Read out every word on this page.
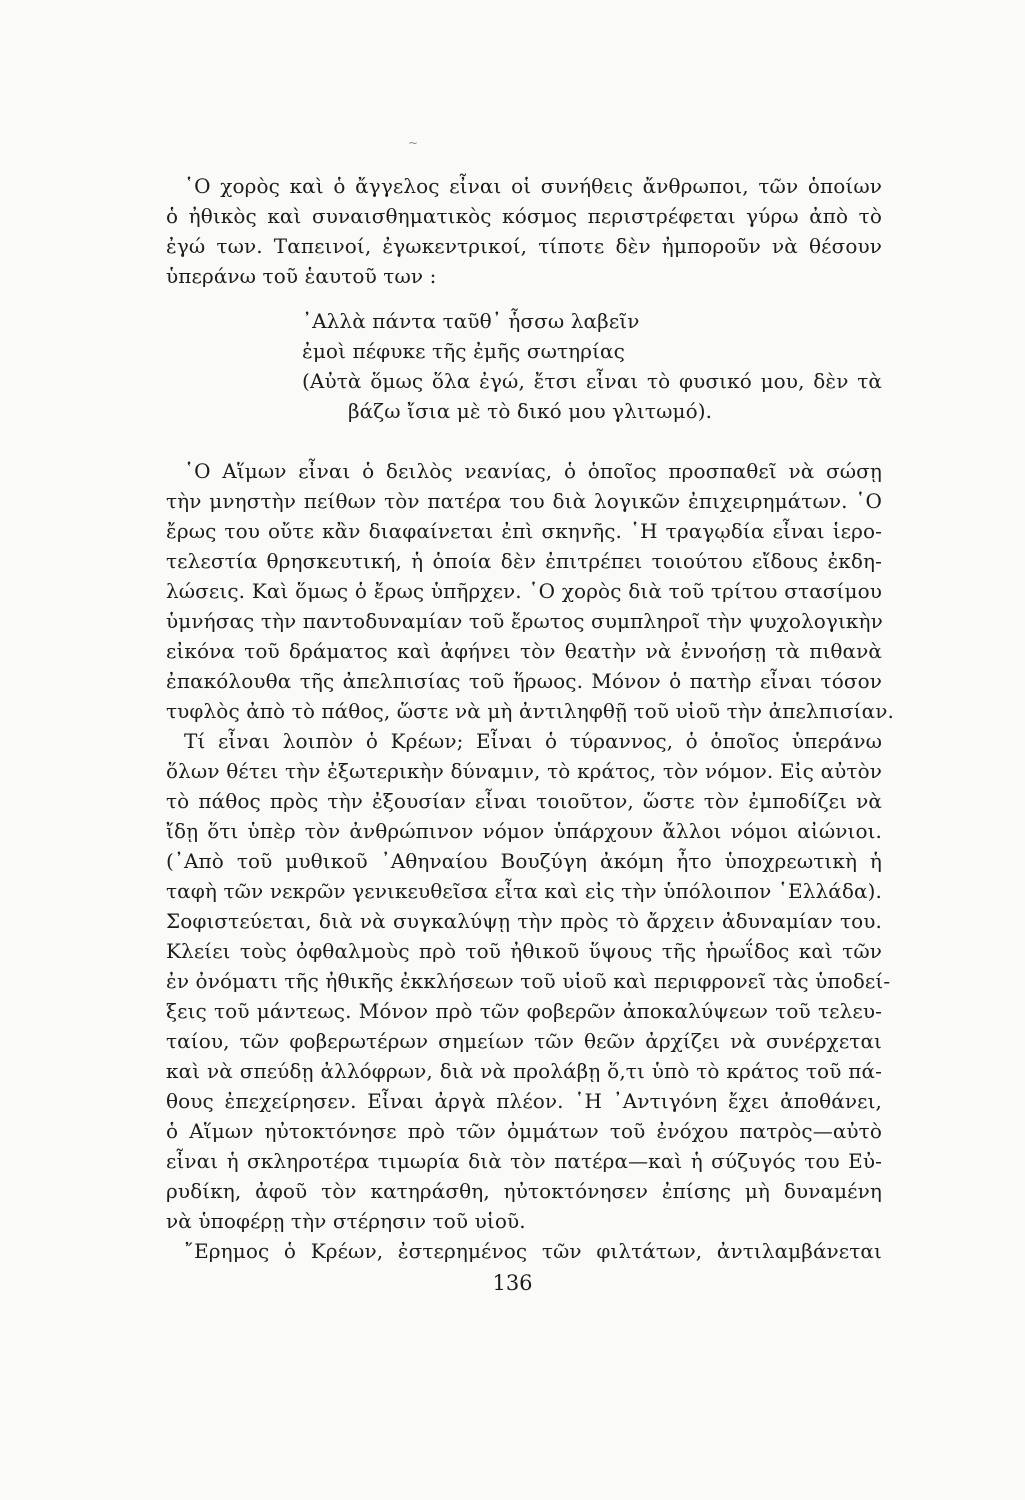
~
῾Ο χορὸς καὶ ὁ ἄγγελος εἶναι οἱ συνήθεις ἄνθρωποι, τῶν ὁποίων
ὁ ἠθικὸς καὶ συναισθηματικὸς κόσμος περιστρέφεται γύρω ἀπὸ τὸ
ἐγώ των. Ταπεινοί, ἐγωκεντρικοί, τίποτε δὲν ἠμποροῦν νὰ θέσουν
ὑπεράνω τοῦ ἑαυτοῦ των :
᾿Αλλὰ πάντα ταῦθ᾿ ἧσσω λαβεῖν
ἐμοὶ πέφυκε τῆς ἐμῆς σωτηρίας
(Αὐτὰ ὅμως ὅλα ἐγώ, ἔτσι εἶναι τὸ φυσικό μου, δὲν τὰ
βάζω ἴσια μὲ τὸ δικό μου γλιτωμό).
῾Ο Αἵμων εἶναι ὁ δειλὸς νεανίας, ὁ ὁποῖος προσπαθεῖ νὰ σώσῃ
τὴν μνηστὴν πείθων τὸν πατέρα του διὰ λογικῶν ἐπιχειρημάτων. ῾Ο
ἔρως του οὔτε κἂν διαφαίνεται ἐπὶ σκηνῆς. ῾Η τραγῳδία εἶναι ἱερο-
τελεστία θρησκευτική, ἡ ὁποία δὲν ἐπιτρέπει τοιούτου εἴδους ἐκδη-
λώσεις. Καὶ ὅμως ὁ ἔρως ὑπῆρχεν. ῾Ο χορὸς διὰ τοῦ τρίτου στασίμου
ὑμνήσας τὴν παντοδυναμίαν τοῦ ἔρωτος συμπληροῖ τὴν ψυχολογικὴν
εἰκόνα τοῦ δράματος καὶ ἀφήνει τὸν θεατὴν νὰ ἐννοήσῃ τὰ πιθανὰ
ἐπακόλουθα τῆς ἀπελπισίας τοῦ ἥρωος. Μόνον ὁ πατὴρ εἶναι τόσον
τυφλὸς ἀπὸ τὸ πάθος, ὥστε νὰ μὴ ἀντιληφθῇ τοῦ υἱοῦ τὴν ἀπελπισίαν.
Τί εἶναι λοιπὸν ὁ Κρέων; Εἶναι ὁ τύραννος, ὁ ὁποῖος ὑπεράνω
ὅλων θέτει τὴν ἐξωτερικὴν δύναμιν, τὸ κράτος, τὸν νόμον. Εἰς αὐτὸν
τὸ πάθος πρὸς τὴν ἐξουσίαν εἶναι τοιοῦτον, ὥστε τὸν ἐμποδίζει νὰ
ἴδῃ ὅτι ὑπὲρ τὸν ἀνθρώπινον νόμον ὑπάρχουν ἄλλοι νόμοι αἰώνιοι.
(᾿Απὸ τοῦ μυθικοῦ ᾿Αθηναίου Βουζύγη ἀκόμη ἦτο ὑποχρεωτικὴ ἡ
ταφὴ τῶν νεκρῶν γενικευθεῖσα εἶτα καὶ εἰς τὴν ὑπόλοιπον ῾Ελλάδα).
Σοφιστεύεται, διὰ νὰ συγκαλύψῃ τὴν πρὸς τὸ ἄρχειν ἀδυναμίαν του.
Κλείει τοὺς ὀφθαλμοὺς πρὸ τοῦ ἠθικοῦ ὕψους τῆς ἡρωΐδος καὶ τῶν
ἐν ὀνόματι τῆς ἠθικῆς ἐκκλήσεων τοῦ υἱοῦ καὶ περιφρονεῖ τὰς ὑποδεί-
ξεις τοῦ μάντεως. Μόνον πρὸ τῶν φοβερῶν ἀποκαλύψεων τοῦ τελευ-
ταίου, τῶν φοβερωτέρων σημείων τῶν θεῶν ἀρχίζει νὰ συνέρχεται
καὶ νὰ σπεύδῃ ἀλλόφρων, διὰ νὰ προλάβῃ ὅ,τι ὑπὸ τὸ κράτος τοῦ πά-
θους ἐπεχείρησεν. Εἶναι ἀργὰ πλέον. ῾Η ᾿Αντιγόνη ἔχει ἀποθάνει,
ὁ Αἵμων ηὐτοκτόνησε πρὸ τῶν ὀμμάτων τοῦ ἐνόχου πατρὸς—αὐτὸ
εἶναι ἡ σκληροτέρα τιμωρία διὰ τὸν πατέρα—καὶ ἡ σύζυγός του Εὐ-
ρυδίκη, ἀφοῦ τὸν κατηράσθη, ηὐτοκτόνησεν ἐπίσης μὴ δυναμένη
νὰ ὑποφέρῃ τὴν στέρησιν τοῦ υἱοῦ.
῎Ερημος ὁ Κρέων, ἐστερημένος τῶν φιλτάτων, ἀντιλαμβάνεται
136
